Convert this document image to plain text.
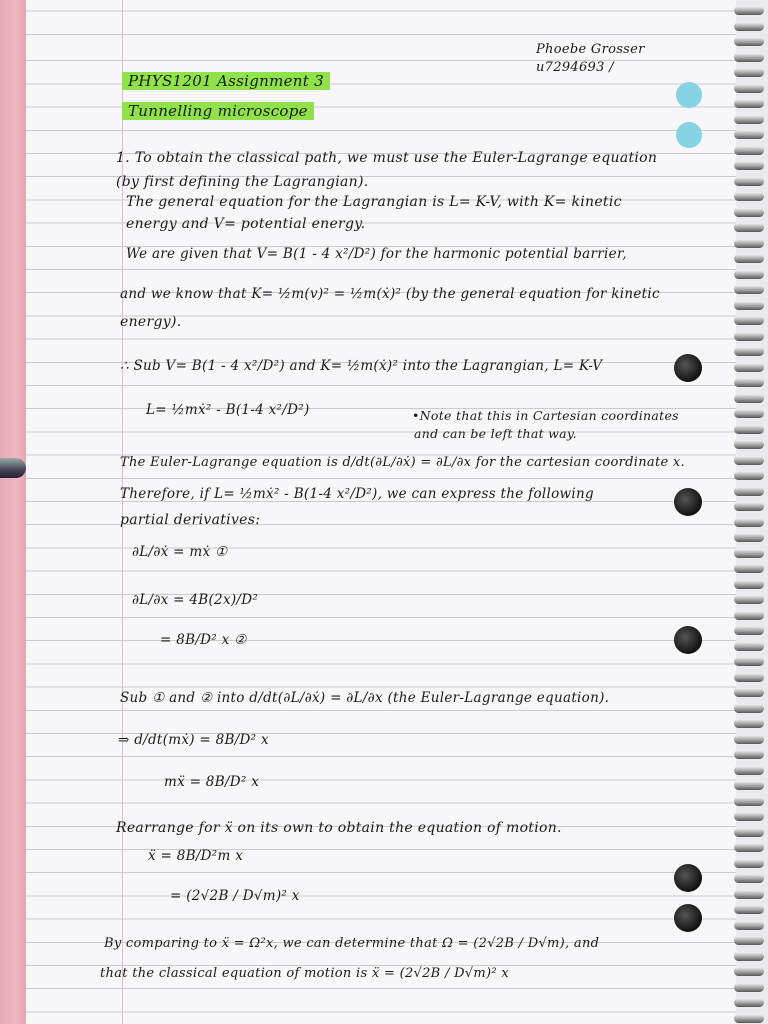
Phoebe Grosser
u7294693 /
PHYS1201 Assignment 3
Tunnelling microscope
1. To obtain the classical path, we must use the Euler-Lagrange equation
(by first defining the Lagrangian).
The general equation for the Lagrangian is L= K-V, with K= kinetic
energy and V= potential energy.
We are given that V= B(1 - 4 x²/D²) for the harmonic potential barrier,
and we know that K= ½m(v)² = ½m(ẋ)² (by the general equation for kinetic
energy).
∴ Sub V= B(1 - 4 x²/D²) and K= ½m(ẋ)² into the Lagrangian, L= K-V
L= ½mẋ² - B(1-4 x²/D²)	•Note that this in Cartesian coordinates
and can be left that way.
The Euler-Lagrange equation is d/dt(∂L/∂ẋ) = ∂L/∂x for the cartesian coordinate x.
Therefore, if L= ½mẋ² - B(1-4 x²/D²), we can express the following
partial derivatives:
∂L/∂ẋ = mẋ ①
∂L/∂x = 4B(2x)/D²
= 8B/D² x ②
Sub ① and ② into d/dt(∂L/∂ẋ) = ∂L/∂x (the Euler-Lagrange equation).
⇒ d/dt(mẋ) = 8B/D² x
mẍ = 8B/D² x
Rearrange for ẍ on its own to obtain the equation of motion.
ẍ = 8B/D²m x
= (2√2B / D√m)² x
By comparing to ẍ = Ω²x, we can determine that Ω = (2√2B / D√m), and
that the classical equation of motion is ẍ = (2√2B / D√m)² x
